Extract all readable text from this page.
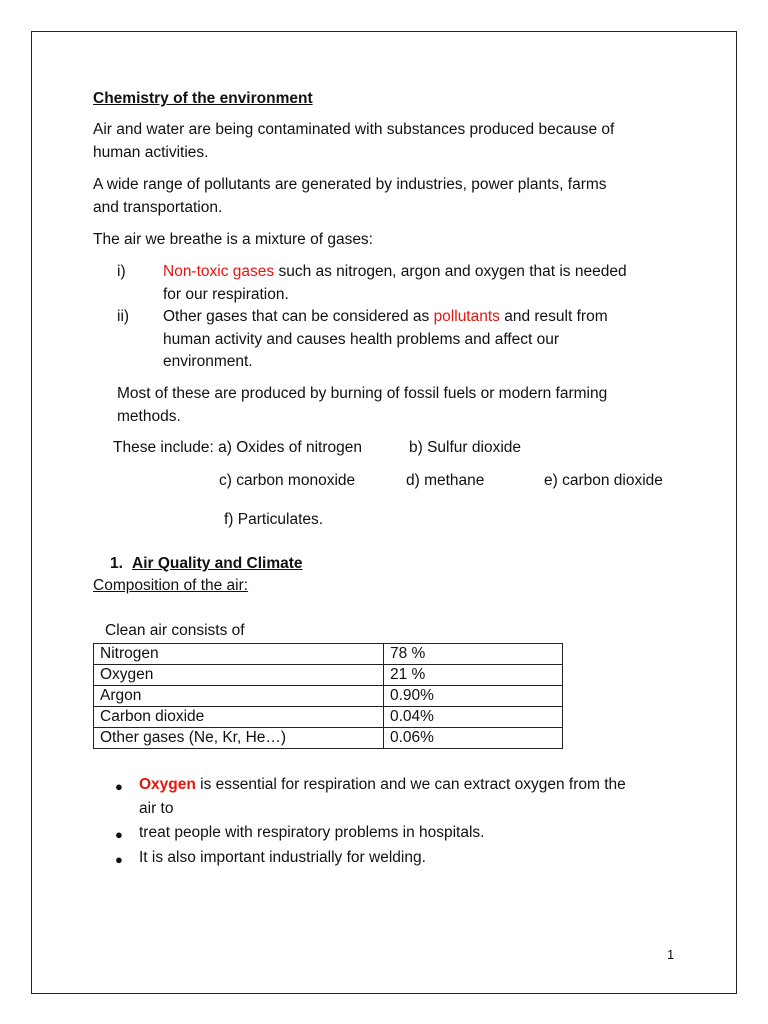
Chemistry of the environment
Air and water are being contaminated with substances produced because of
human activities.
A wide range of pollutants are generated by industries, power plants, farms
and transportation.
The air we breathe is a mixture of gases:
i) Non-toxic gases such as nitrogen, argon and oxygen that is needed
for our respiration.
ii) Other gases that can be considered as pollutants and result from
human activity and causes health problems and affect our
environment.
Most of these are produced by burning of fossil fuels or modern farming
methods.
These include: a) Oxides of nitrogen	b) Sulfur dioxide
c) carbon monoxide	d) methane	e) carbon dioxide
f) Particulates.
1. Air Quality and Climate
Composition of the air:
Clean air consists of
Nitrogen	78 %
Oxygen	21 %
Argon	0.90%
Carbon dioxide	0.04%
Other gases (Ne, Kr, He…)	0.06%
● Oxygen is essential for respiration and we can extract oxygen from the
air to
● treat people with respiratory problems in hospitals.
● It is also important industrially for welding.
1
